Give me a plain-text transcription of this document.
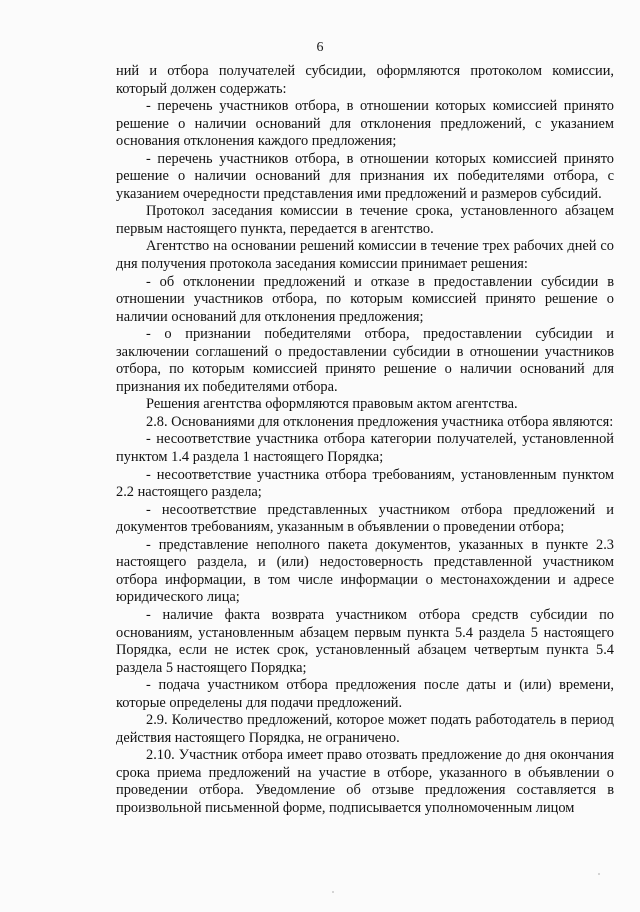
6

ний и отбора получателей субсидии, оформляются протоколом комиссии, который должен содержать:

- перечень участников отбора, в отношении которых комиссией принято решение о наличии оснований для отклонения предложений, с указанием основания отклонения каждого предложения;

- перечень участников отбора, в отношении которых комиссией принято решение о наличии оснований для признания их победителями отбора, с указанием очередности представления ими предложений и размеров субсидий.

Протокол заседания комиссии в течение срока, установленного абзацем первым настоящего пункта, передается в агентство.

Агентство на основании решений комиссии в течение трех рабочих дней со дня получения протокола заседания комиссии принимает решения:

- об отклонении предложений и отказе в предоставлении субсидии в отношении участников отбора, по которым комиссией принято решение о наличии оснований для отклонения предложения;

- о признании победителями отбора, предоставлении субсидии и заключении соглашений о предоставлении субсидии в отношении участников отбора, по которым комиссией принято решение о наличии оснований для признания их победителями отбора.

Решения агентства оформляются правовым актом агентства.

2.8. Основаниями для отклонения предложения участника отбора являются:

- несоответствие участника отбора категории получателей, установленной пунктом 1.4 раздела 1 настоящего Порядка;

- несоответствие участника отбора требованиям, установленным пунктом 2.2 настоящего раздела;

- несоответствие представленных участником отбора предложений и документов требованиям, указанным в объявлении о проведении отбора;

- представление неполного пакета документов, указанных в пункте 2.3 настоящего раздела, и (или) недостоверность представленной участником отбора информации, в том числе информации о местонахождении и адресе юридического лица;

- наличие факта возврата участником отбора средств субсидии по основаниям, установленным абзацем первым пункта 5.4 раздела 5 настоящего Порядка, если не истек срок, установленный абзацем четвертым пункта 5.4 раздела 5 настоящего Порядка;

- подача участником отбора предложения после даты и (или) времени, которые определены для подачи предложений.

2.9. Количество предложений, которое может подать работодатель в период действия настоящего Порядка, не ограничено.

2.10. Участник отбора имеет право отозвать предложение до дня окончания срока приема предложений на участие в отборе, указанного в объявлении о проведении отбора. Уведомление об отзыве предложения составляется в произвольной письменной форме, подписывается уполномоченным лицом
